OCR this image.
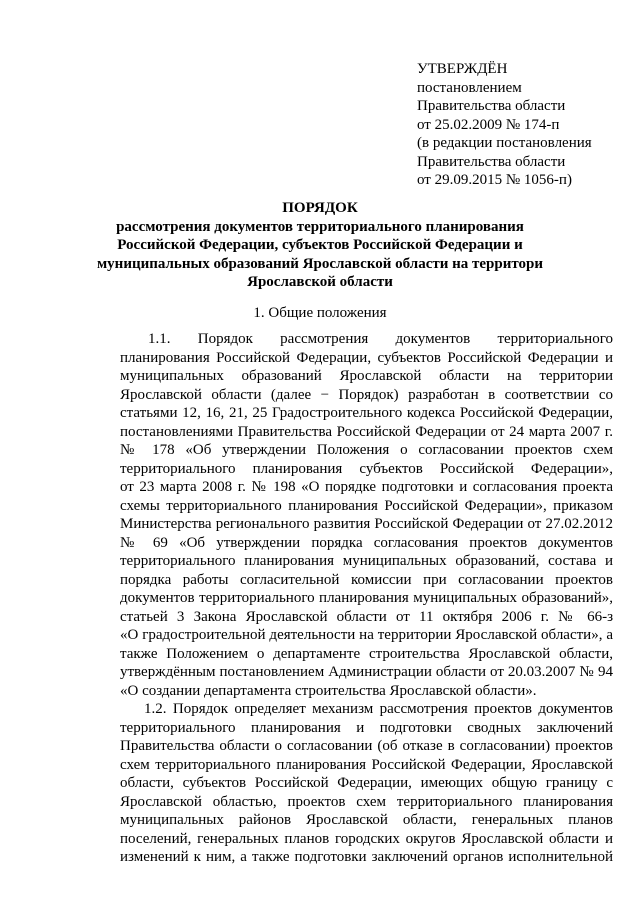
УТВЕРЖДЁН
постановлением
Правительства области
от 25.02.2009 № 174-п
(в редакции постановления
Правительства области
от 29.09.2015 № 1056-п)
ПОРЯДОК
рассмотрения документов территориального планирования
Российской Федерации, субъектов Российской Федерации и
муниципальных образований Ярославской области на территори
Ярославской области
1. Общие положения
1.1. Порядок рассмотрения документов территориального
планирования Российской Федерации, субъектов Российской Федерации и
муниципальных образований Ярославской области на территории
Ярославской области (далее − Порядок) разработан в соответствии со
статьями 12, 16, 21, 25 Градостроительного кодекса Российской Федерации,
постановлениями Правительства Российской Федерации от 24 марта 2007 г.
№ 178 «Об утверждении Положения о согласовании проектов схем
территориального планирования субъектов Российской Федерации»,
от 23 марта 2008 г. № 198 «О порядке подготовки и согласования проекта
схемы территориального планирования Российской Федерации», приказом
Министерства регионального развития Российской Федерации от 27.02.2012
№ 69 «Об утверждении порядка согласования проектов документов
территориального планирования муниципальных образований, состава и
порядка работы согласительной комиссии при согласовании проектов
документов территориального планирования муниципальных образований»,
статьей 3 Закона Ярославской области от 11 октября 2006 г. № 66-з
«О градостроительной деятельности на территории Ярославской области», а
также Положением о департаменте строительства Ярославской области,
утверждённым постановлением Администрации области от 20.03.2007 № 94
«О создании департамента строительства Ярославской области».
1.2. Порядок определяет механизм рассмотрения проектов документов
территориального планирования и подготовки сводных заключений
Правительства области о согласовании (об отказе в согласовании) проектов
схем территориального планирования Российской Федерации, Ярославской
области, субъектов Российской Федерации, имеющих общую границу с
Ярославской областью, проектов схем территориального планирования
муниципальных районов Ярославской области, генеральных планов
поселений, генеральных планов городских округов Ярославской области и
изменений к ним, а также подготовки заключений органов исполнительной
